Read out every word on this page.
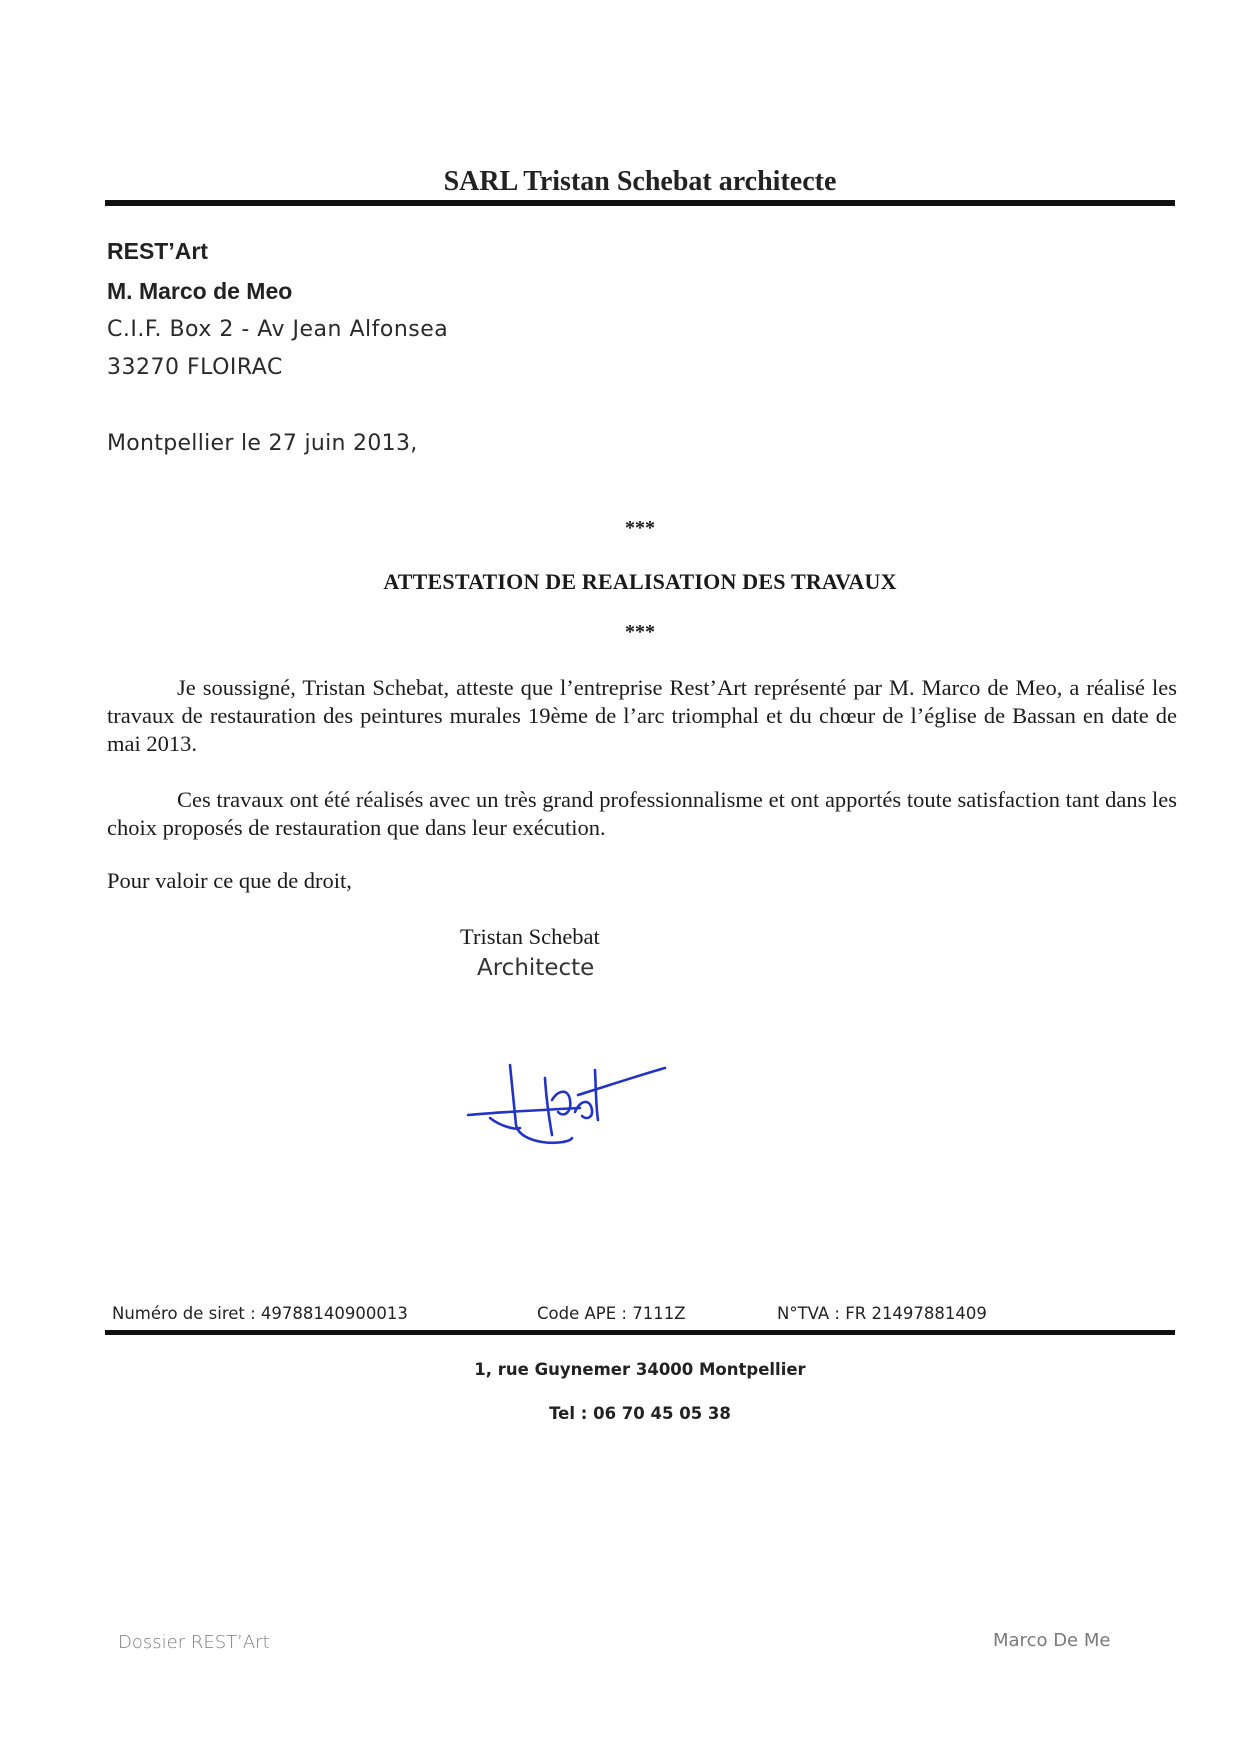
SARL Tristan Schebat architecte
REST’Art
M. Marco de Meo
C.I.F. Box 2 - Av Jean Alfonsea
33270 FLOIRAC
Montpellier le 27 juin 2013,
***
ATTESTATION DE REALISATION DES TRAVAUX
***
Je soussigné, Tristan Schebat, atteste que l’entreprise Rest’Art représenté par M. Marco de Meo, a réalisé les travaux de restauration des peintures murales 19ème de l’arc triomphal et du chœur de l’église de Bassan en date de mai 2013.
Ces travaux ont été réalisés avec un très grand professionnalisme et ont apportés toute satisfaction tant dans les choix proposés de restauration que dans leur exécution.
Pour valoir ce que de droit,
Tristan Schebat
Architecte
Numéro de siret : 49788140900013	Code APE : 7111Z	N°TVA : FR 21497881409
1, rue Guynemer 34000 Montpellier
Tel : 06 70 45 05 38
Dossier REST’Art	Marco De Me
